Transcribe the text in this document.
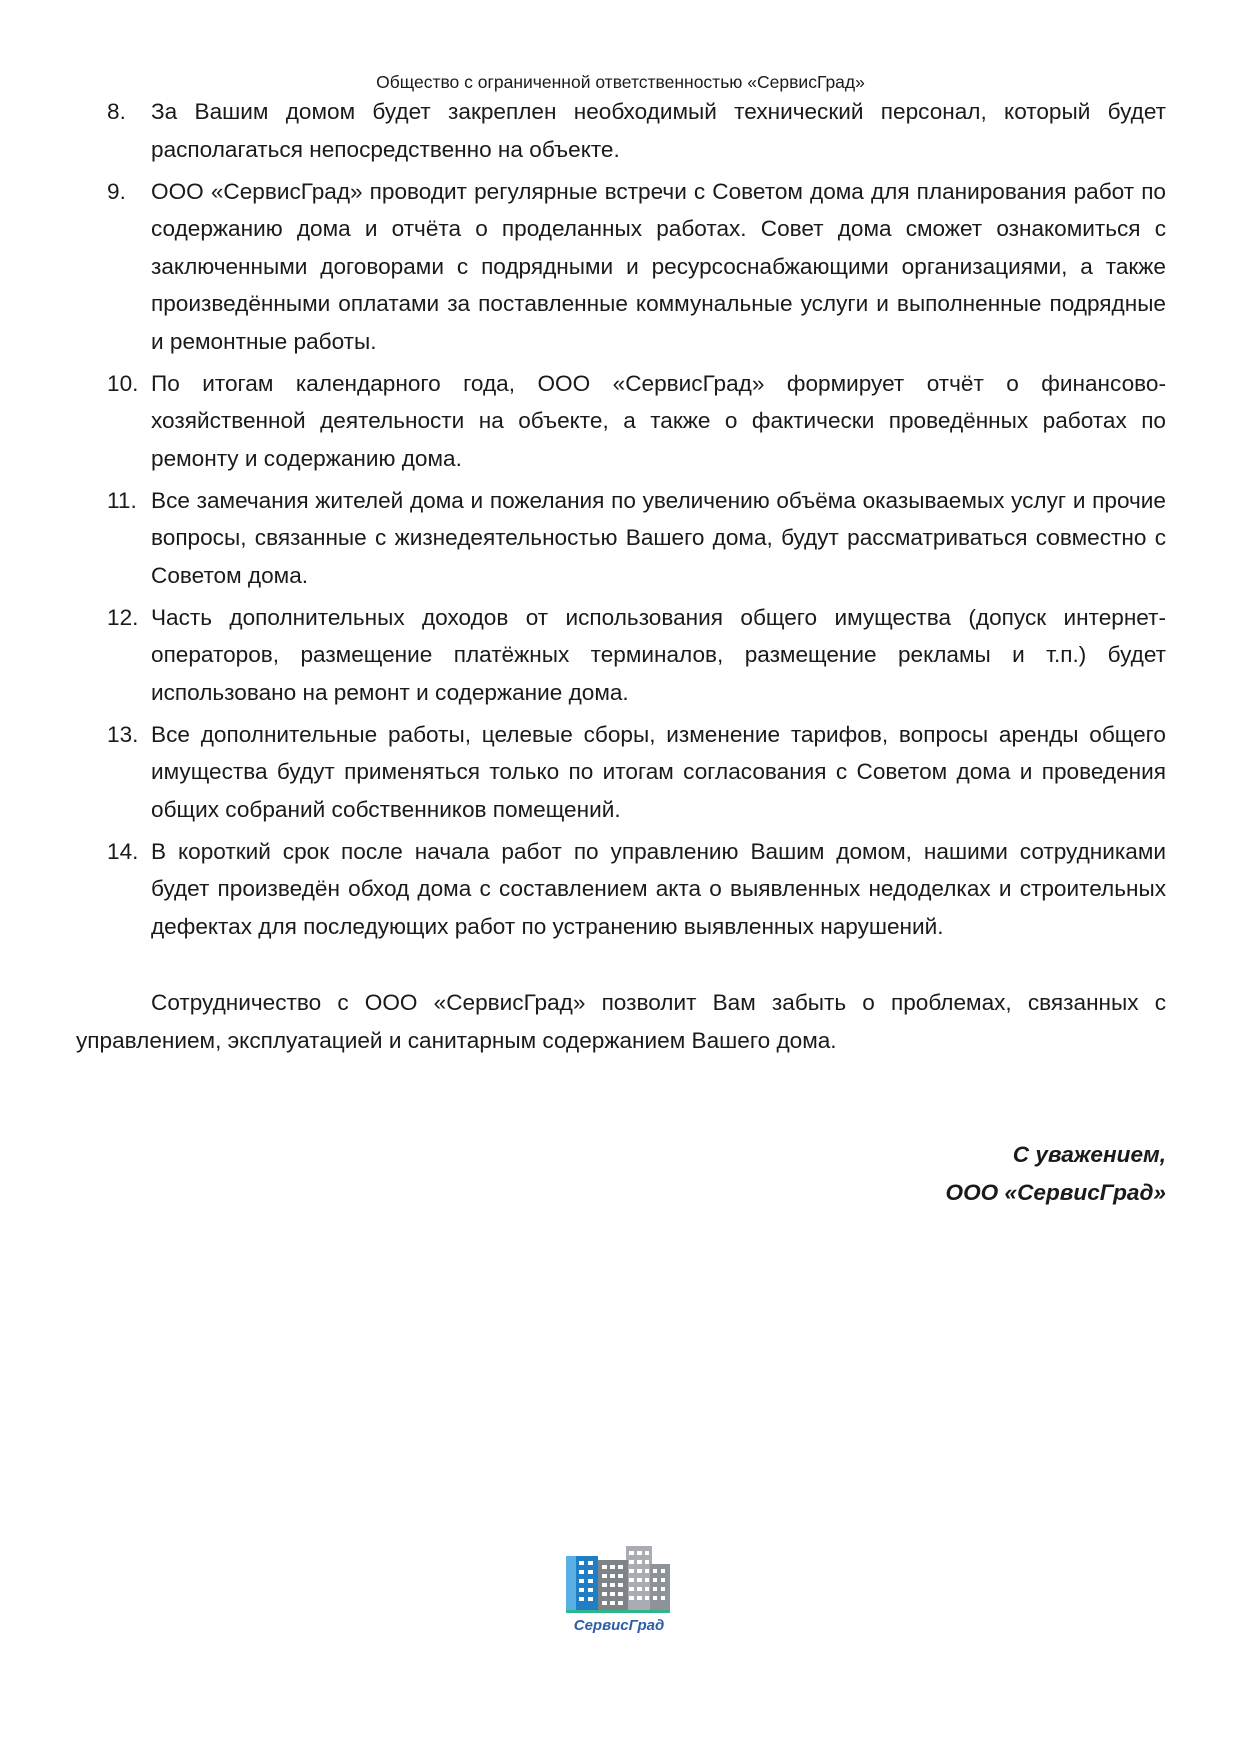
Общество с ограниченной ответственностью «СервисГрад»
8.	За Вашим домом будет закреплен необходимый технический персонал, который будет располагаться непосредственно на объекте.
9.	ООО «СервисГрад» проводит регулярные встречи с Советом дома для планирования работ по содержанию дома и отчёта о проделанных работах. Совет дома сможет ознакомиться с заключенными договорами с подрядными и ресурсоснабжающими организациями, а также произведёнными оплатами за поставленные коммунальные услуги и выполненные подрядные и ремонтные работы.
10. По итогам календарного года, ООО «СервисГрад» формирует отчёт о финансово-хозяйственной деятельности на объекте, а также о фактически проведённых работах по ремонту и содержанию дома.
11. Все замечания жителей дома и пожелания по увеличению объёма оказываемых услуг и прочие вопросы, связанные с жизнедеятельностью Вашего дома, будут рассматриваться совместно с Советом дома.
12. Часть дополнительных доходов от использования общего имущества (допуск интернет-операторов, размещение платёжных терминалов, размещение рекламы и т.п.) будет использовано на ремонт и содержание дома.
13. Все дополнительные работы, целевые сборы, изменение тарифов, вопросы аренды общего имущества будут применяться только по итогам согласования с Советом дома и проведения общих собраний собственников помещений.
14. В короткий срок после начала работ по управлению Вашим домом, нашими сотрудниками будет произведён обход дома с составлением акта о выявленных недоделках и строительных дефектах для последующих работ по устранению выявленных нарушений.

Сотрудничество с ООО «СервисГрад» позволит Вам забыть о проблемах, связанных с управлением, эксплуатацией и санитарным содержанием Вашего дома.

С уважением,
ООО «СервисГрад»
СервисГрад
